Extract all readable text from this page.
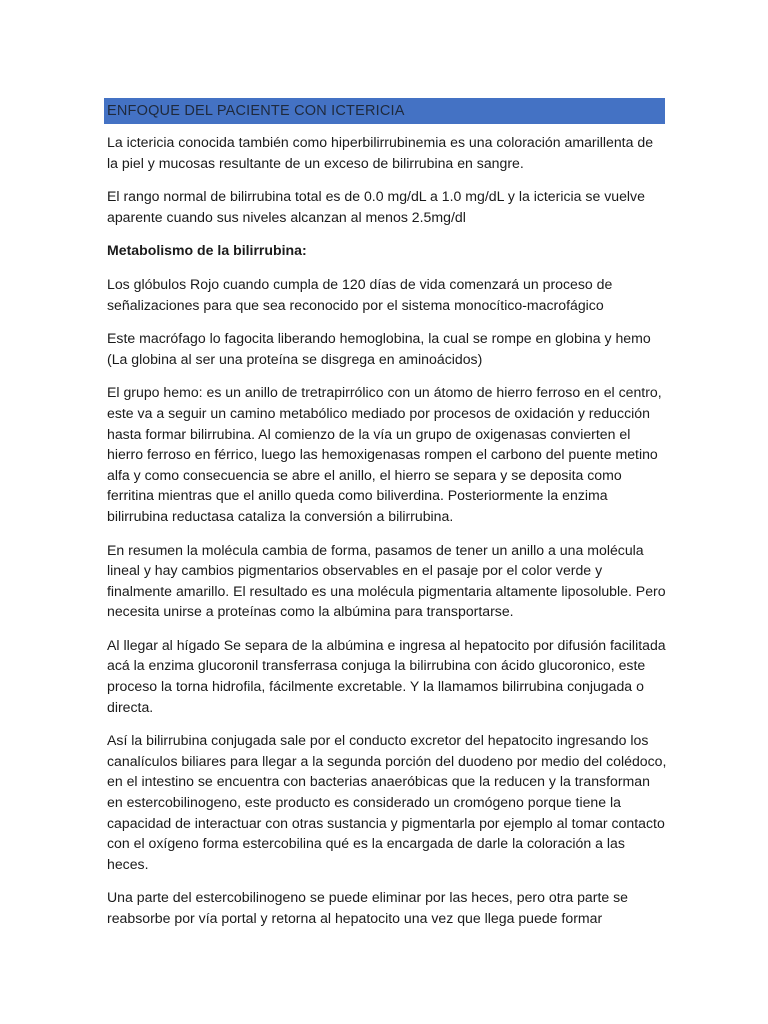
ENFOQUE DEL PACIENTE CON ICTERICIA

La ictericia conocida también como hiperbilirrubinemia es una coloración amarillenta de la piel y mucosas resultante de un exceso de bilirrubina en sangre.

El rango normal de bilirrubina total es de 0.0 mg/dL a 1.0 mg/dL y la ictericia se vuelve aparente cuando sus niveles alcanzan al menos 2.5mg/dl

Metabolismo de la bilirrubina:

Los glóbulos Rojo cuando cumpla de 120 días de vida comenzará un proceso de señalizaciones para que sea reconocido por el sistema monocítico-macrofágico

Este macrófago lo fagocita liberando hemoglobina, la cual se rompe en globina y hemo (La globina al ser una proteína se disgrega en aminoácidos)

El grupo hemo: es un anillo de tretrapirrólico con un átomo de hierro ferroso en el centro, este va a seguir un camino metabólico mediado por procesos de oxidación y reducción hasta formar bilirrubina. Al comienzo de la vía un grupo de oxigenasas convierten el hierro ferroso en férrico, luego las hemoxigenasas rompen el carbono del puente metino alfa y como consecuencia se abre el anillo, el hierro se separa y se deposita como ferritina mientras que el anillo queda como biliverdina. Posteriormente la enzima bilirrubina reductasa cataliza la conversión a bilirrubina.

En resumen la molécula cambia de forma, pasamos de tener un anillo a una molécula lineal y hay cambios pigmentarios observables en el pasaje por el color verde y finalmente amarillo. El resultado es una molécula pigmentaria altamente liposoluble. Pero necesita unirse a proteínas como la albúmina para transportarse.

Al llegar al hígado Se separa de la albúmina e ingresa al hepatocito por difusión facilitada acá la enzima glucoronil transferrasa conjuga la bilirrubina con ácido glucoronico, este proceso la torna hidrofila, fácilmente excretable. Y la llamamos bilirrubina conjugada o directa.

Así la bilirrubina conjugada sale por el conducto excretor del hepatocito ingresando los canalículos biliares para llegar a la segunda porción del duodeno por medio del colédoco, en el intestino se encuentra con bacterias anaeróbicas que la reducen y la transforman en estercobilinogeno, este producto es considerado un cromógeno porque tiene la capacidad de interactuar con otras sustancia y pigmentarla por ejemplo al tomar contacto con el oxígeno forma estercobilina qué es la encargada de darle la coloración a las heces.

Una parte del estercobilinogeno se puede eliminar por las heces, pero otra parte se reabsorbe por vía portal y retorna al hepatocito una vez que llega puede formar
